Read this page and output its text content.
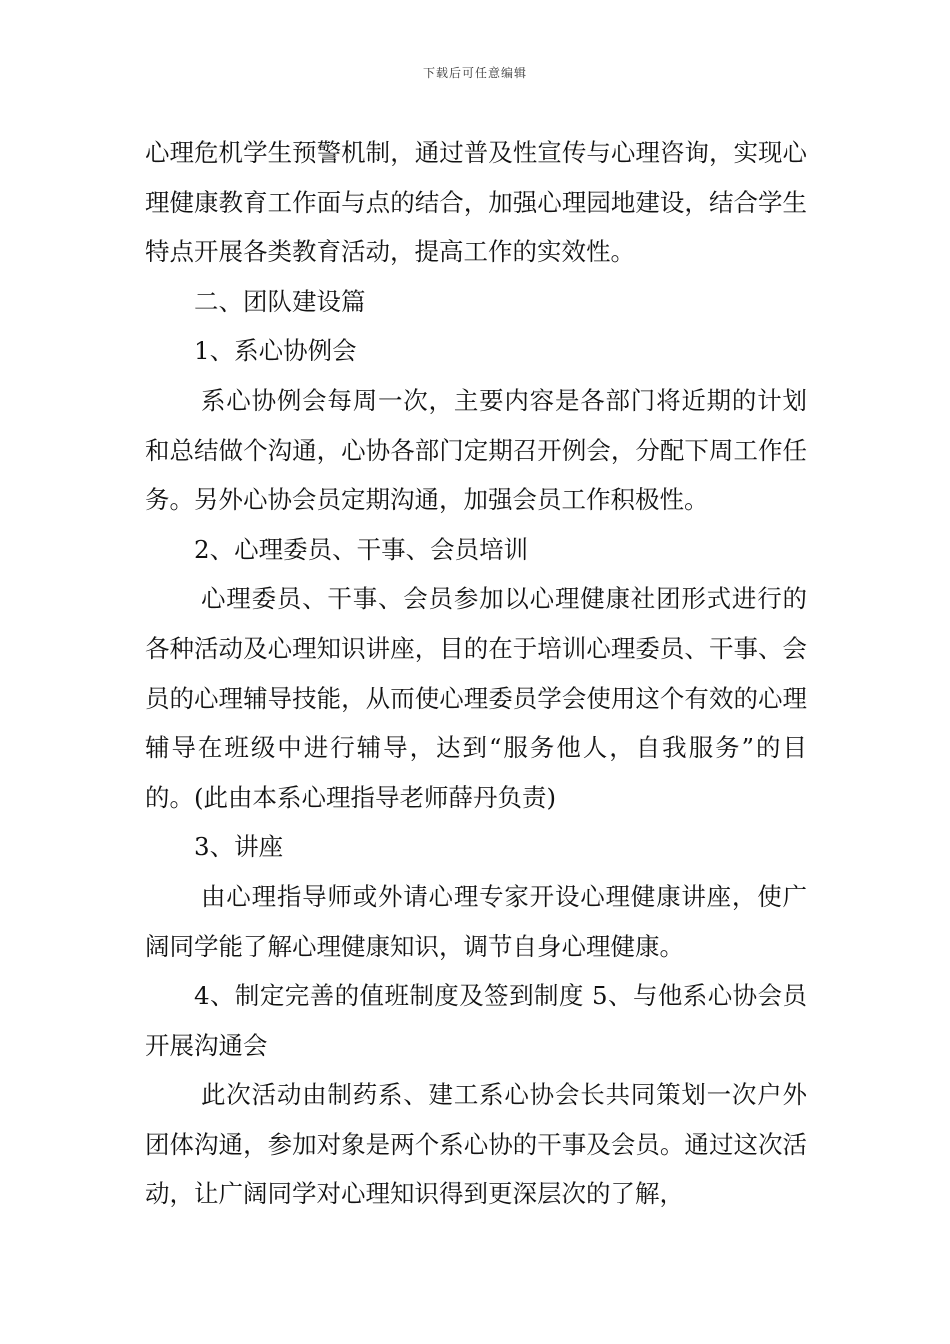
下载后可任意编辑

心理危机学生预警机制，通过普及性宣传与心理咨询，实现心理健康教育工作面与点的结合，加强心理园地建设，结合学生特点开展各类教育活动，提高工作的实效性。

二、团队建设篇

1、系心协例会

系心协例会每周一次，主要内容是各部门将近期的计划和总结做个沟通，心协各部门定期召开例会，分配下周工作任务。另外心协会员定期沟通，加强会员工作积极性。

2、心理委员、干事、会员培训

心理委员、干事、会员参加以心理健康社团形式进行的各种活动及心理知识讲座，目的在于培训心理委员、干事、会员的心理辅导技能，从而使心理委员学会使用这个有效的心理辅导在班级中进行辅导，达到“服务他人，自我服务”的目的。(此由本系心理指导老师薛丹负责)

3、讲座

由心理指导师或外请心理专家开设心理健康讲座，使广阔同学能了解心理健康知识，调节自身心理健康。

4、制定完善的值班制度及签到制度 5、与他系心协会员开展沟通会

此次活动由制药系、建工系心协会长共同策划一次户外团体沟通，参加对象是两个系心协的干事及会员。通过这次活动，让广阔同学对心理知识得到更深层次的了解，
